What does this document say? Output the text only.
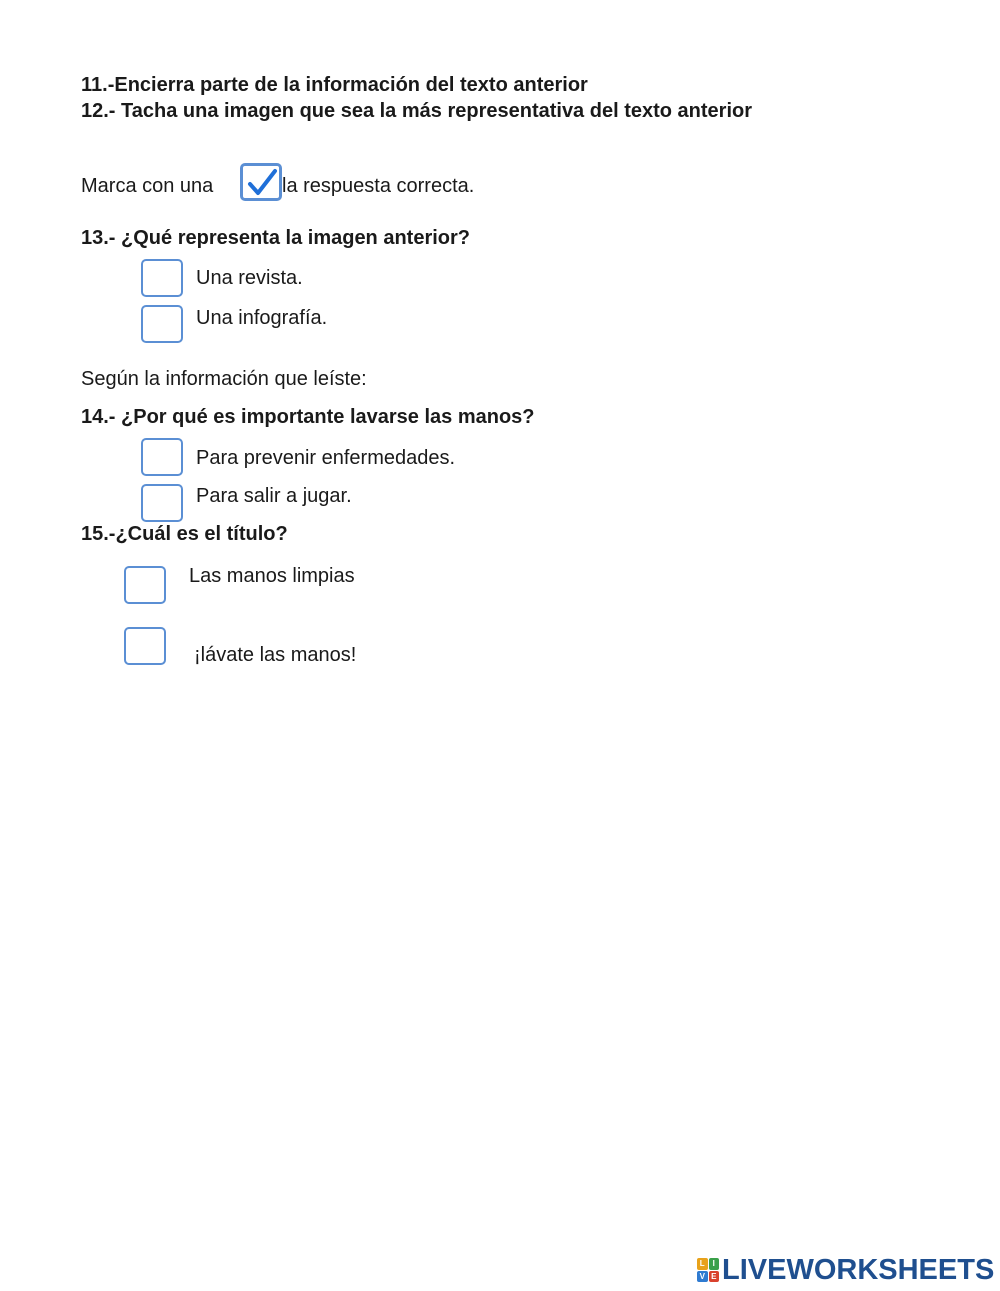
11.-Encierra parte de la información del texto anterior
12.- Tacha una imagen que sea la más representativa del texto anterior
Marca con una	la respuesta correcta.
13.- ¿Qué representa la imagen anterior?
Una revista.
Una infografía.
Según la información que leíste:
14.- ¿Por qué es importante lavarse las manos?
Para prevenir enfermedades.
Para salir a jugar.
15.-¿Cuál es el título?
Las manos limpias
¡lávate las manos!
L I
V E LIVEWORKSHEETS
